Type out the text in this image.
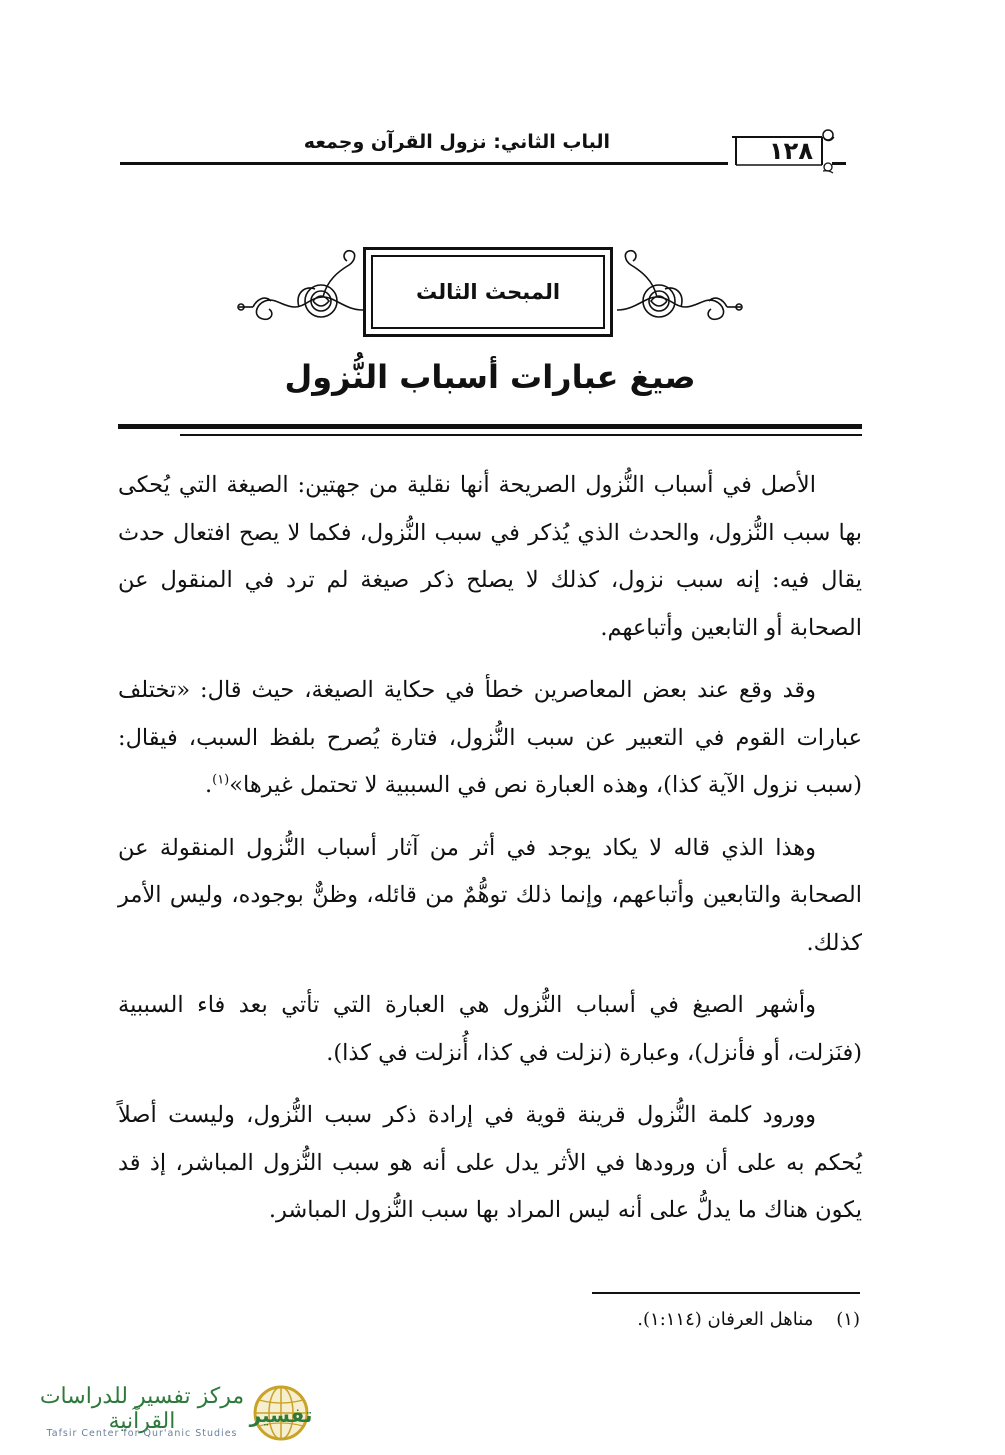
الباب الثاني: نزول القرآن وجمعه	١٢٨
المبحث الثالث
صيغ عبارات أسباب النُّزول

الأصل في أسباب النُّزول الصريحة أنها نقلية من جهتين: الصيغة التي يُحكى بها سبب النُّزول، والحدث الذي يُذكر في سبب النُّزول، فكما لا يصح افتعال حدث يقال فيه: إنه سبب نزول، كذلك لا يصلح ذكر صيغة لم ترد في المنقول عن الصحابة أو التابعين وأتباعهم.

وقد وقع عند بعض المعاصرين خطأ في حكاية الصيغة، حيث قال: «تختلف عبارات القوم في التعبير عن سبب النُّزول، فتارة يُصرح بلفظ السبب، فيقال: (سبب نزول الآية كذا)، وهذه العبارة نص في السببية لا تحتمل غيرها»$^{(١)}$.

وهذا الذي قاله لا يكاد يوجد في أثر من آثار أسباب النُّزول المنقولة عن الصحابة والتابعين وأتباعهم، وإنما ذلك توهُّمٌ من قائله، وظنٌّ بوجوده، وليس الأمر كذلك.

وأشهر الصيغ في أسباب النُّزول هي العبارة التي تأتي بعد فاء السببية (فنَزلت، أو فأنزل)، وعبارة (نزلت في كذا، أُنزلت في كذا).

وورود كلمة النُّزول قرينة قوية في إرادة ذكر سبب النُّزول، وليست أصلاً يُحكم به على أن ورودها في الأثر يدل على أنه هو سبب النُّزول المباشر، إذ قد يكون هناك ما يدلُّ على أنه ليس المراد بها سبب النُّزول المباشر.

(١)    مناهل العرفان (١:١١٤).
مركز تفسير للدراسات القرآنية
Tafsir Center for Qur'anic Studies
تفسير
